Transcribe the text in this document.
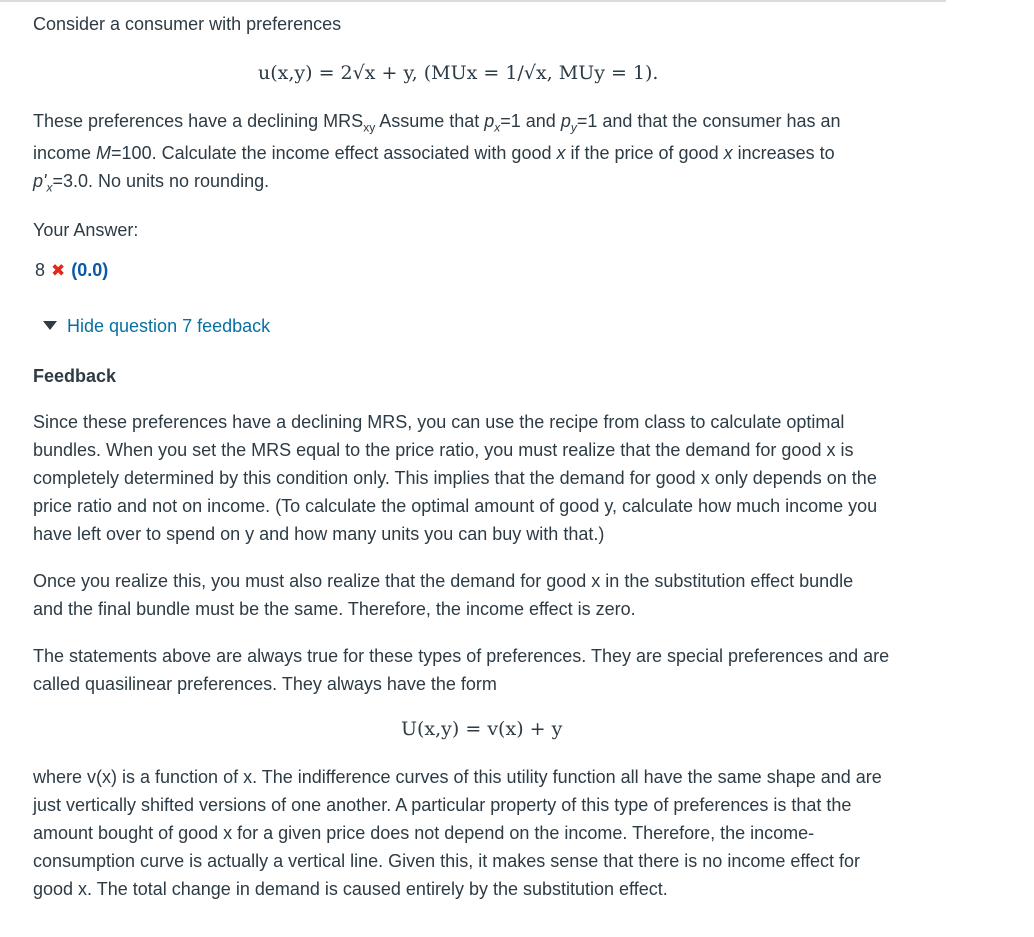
Consider a consumer with preferences

u(x,y) = 2√x + y, (MUx = 1/√x, MUy = 1).

These preferences have a declining $MRS_{xy}$ Assume that $p_x=1$ and $p_y=1$ and that the consumer has an

income M=100. Calculate the income effect associated with good x if the price of good x increases to

$p'_x=3.0$. No units no rounding.

Your Answer:

8 ✖ (0.0)

Hide question 7 feedback

Feedback

Since these preferences have a declining MRS, you can use the recipe from class to calculate optimal

bundles. When you set the MRS equal to the price ratio, you must realize that the demand for good x is

completely determined by this condition only. This implies that the demand for good x only depends on the

price ratio and not on income. (To calculate the optimal amount of good y, calculate how much income you

have left over to spend on y and how many units you can buy with that.)

Once you realize this, you must also realize that the demand for good x in the substitution effect bundle

and the final bundle must be the same. Therefore, the income effect is zero.

The statements above are always true for these types of preferences. They are special preferences and are

called quasilinear preferences. They always have the form

U(x,y) = v(x) + y

where v(x) is a function of x. The indifference curves of this utility function all have the same shape and are

just vertically shifted versions of one another. A particular property of this type of preferences is that the

amount bought of good x for a given price does not depend on the income. Therefore, the income-

consumption curve is actually a vertical line. Given this, it makes sense that there is no income effect for

good x. The total change in demand is caused entirely by the substitution effect.
